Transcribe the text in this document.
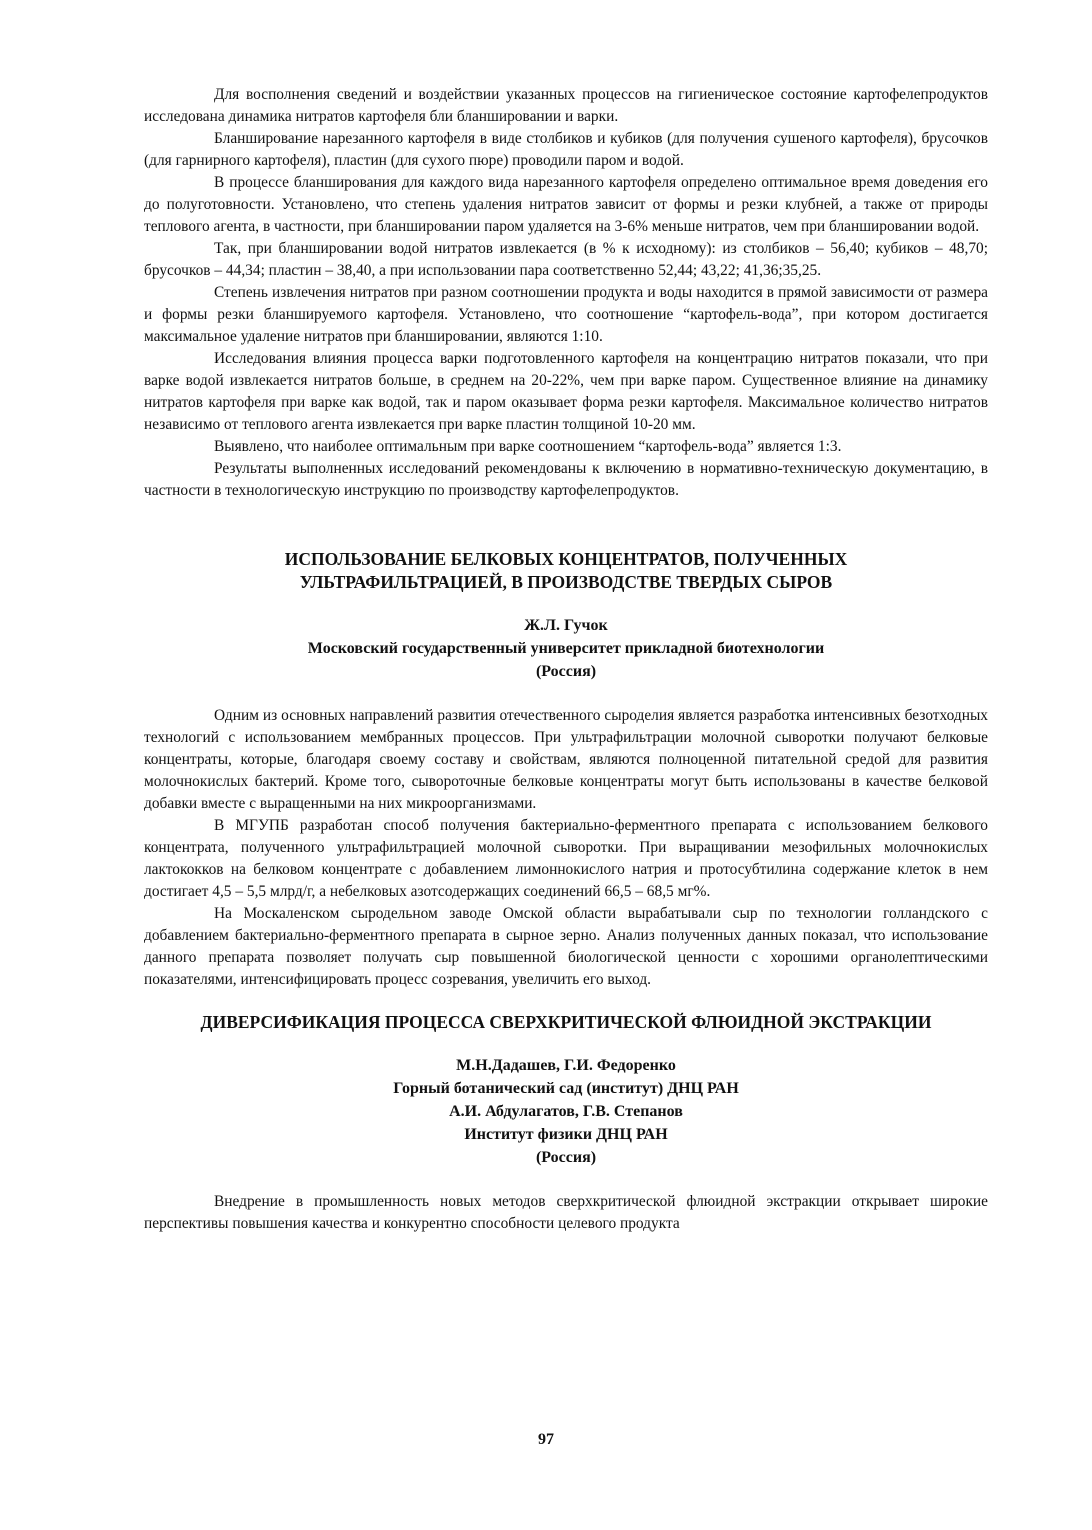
Для восполнения сведений и воздействии указанных процессов на гигиеническое состояние картофелепродуктов исследована динамика нитратов картофеля бли бланшировании и варки.

Бланширование нарезанного картофеля в виде столбиков и кубиков (для получения сушеного картофеля), брусочков (для гарнирного картофеля), пластин (для сухого пюре) проводили паром и водой.

В процессе бланширования для каждого вида нарезанного картофеля определено оптимальное время доведения его до полуготовности. Установлено, что степень удаления нитратов зависит от формы и резки клубней, а также от природы теплового агента, в частности, при бланшировании паром удаляется на 3-6% меньше нитратов, чем при бланшировании водой.

Так, при бланшировании водой нитратов извлекается (в % к исходному): из столбиков – 56,40; кубиков – 48,70; брусочков – 44,34; пластин – 38,40, а при использовании пара соответственно 52,44; 43,22; 41,36;35,25.

Степень извлечения нитратов при разном соотношении продукта и воды находится в прямой зависимости от размера и формы резки бланшируемого картофеля. Установлено, что соотношение “картофель-вода”, при котором достигается максимальное удаление нитратов при бланшировании, являются 1:10.

Исследования влияния процесса варки подготовленного картофеля на концентрацию нитратов показали, что при варке водой извлекается нитратов больше, в среднем на 20-22%, чем при варке паром. Существенное влияние на динамику нитратов картофеля при варке как водой, так и паром оказывает форма резки картофеля. Максимальное количество нитратов независимо от теплового агента извлекается при варке пластин толщиной 10-20 мм.

Выявлено, что наиболее оптимальным при варке соотношением “картофель-вода” является 1:3.

Результаты выполненных исследований рекомендованы к включению в нормативно-техническую документацию, в частности в технологическую инструкцию по производству картофелепродуктов.

ИСПОЛЬЗОВАНИЕ БЕЛКОВЫХ КОНЦЕНТРАТОВ, ПОЛУЧЕННЫХ

УЛЬТРАФИЛЬТРАЦИЕЙ, В ПРОИЗВОДСТВЕ ТВЕРДЫХ СЫРОВ

Ж.Л. Гучок

Московский государственный университет прикладной биотехнологии

(Россия)

Одним из основных направлений развития отечественного сыроделия является разработка интенсивных безотходных технологий с использованием мембранных процессов. При ультрафильтрации молочной сыворотки получают белковые концентраты, которые, благодаря своему составу и свойствам, являются полноценной питательной средой для развития молочнокислых бактерий. Кроме того, сывороточные белковые концентраты могут быть использованы в качестве белковой добавки вместе с выращенными на них микроорганизмами.

В МГУПБ разработан способ получения бактериально-ферментного препарата с использованием белкового концентрата, полученного ультрафильтрацией молочной сыворотки. При выращивании мезофильных молочнокислых лактококков на белковом концентрате с добавлением лимоннокислого натрия и протосубтилина содержание клеток в нем достигает 4,5 – 5,5 млрд/г, а небелковых азотсодержащих соединений 66,5 – 68,5 мг%.

На Москаленском сыродельном заводе Омской области вырабатывали сыр по технологии голландского с добавлением бактериально-ферментного препарата в сырное зерно. Анализ полученных данных показал, что использование данного препарата позволяет получать сыр повышенной биологической ценности с хорошими органолептическими показателями, интенсифицировать процесс созревания, увеличить его выход.

ДИВЕРСИФИКАЦИЯ ПРОЦЕССА СВЕРХКРИТИЧЕСКОЙ ФЛЮИДНОЙ ЭКСТРАКЦИИ

М.Н.Дадашев, Г.И. Федоренко

Горный ботанический сад (институт) ДНЦ РАН

А.И. Абдулагатов, Г.В. Степанов

Институт физики ДНЦ РАН

(Россия)

Внедрение в промышленность новых методов сверхкритической флюидной экстракции открывает широкие перспективы повышения качества и конкурентно способности целевого продукта

97
